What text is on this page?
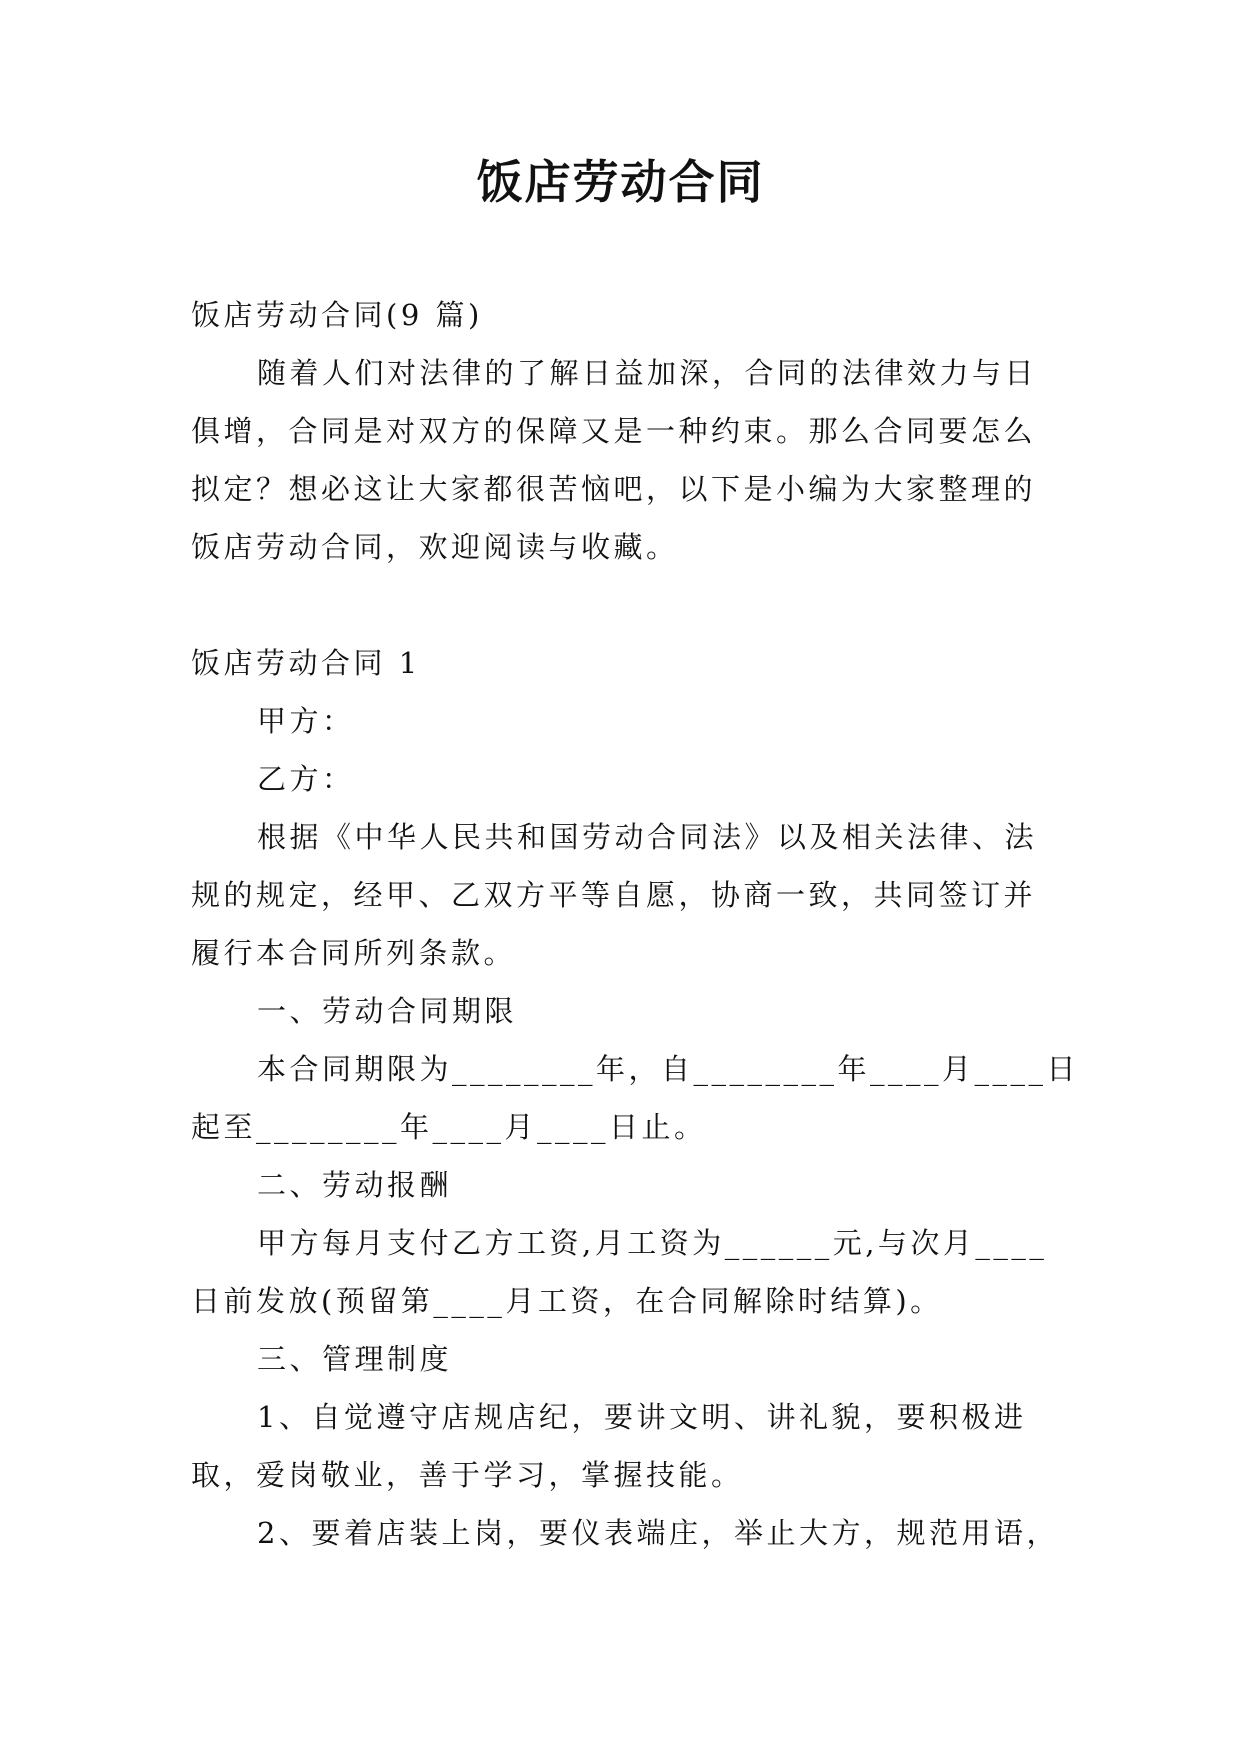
饭店劳动合同

饭店劳动合同(9 篇)

随着人们对法律的了解日益加深，合同的法律效力与日

俱增，合同是对双方的保障又是一种约束。那么合同要怎么

拟定？想必这让大家都很苦恼吧，以下是小编为大家整理的

饭店劳动合同，欢迎阅读与收藏。

饭店劳动合同 1

甲方：

乙方：

根据《中华人民共和国劳动合同法》以及相关法律、法

规的规定，经甲、乙双方平等自愿，协商一致，共同签订并

履行本合同所列条款。

一、劳动合同期限

本合同期限为________年，自________年____月____日

起至________年____月____日止。

二、劳动报酬

甲方每月支付乙方工资,月工资为______元,与次月____

日前发放(预留第____月工资，在合同解除时结算)。

三、管理制度

1、自觉遵守店规店纪，要讲文明、讲礼貌，要积极进

取，爱岗敬业，善于学习，掌握技能。

2、要着店装上岗，要仪表端庄，举止大方，规范用语，
